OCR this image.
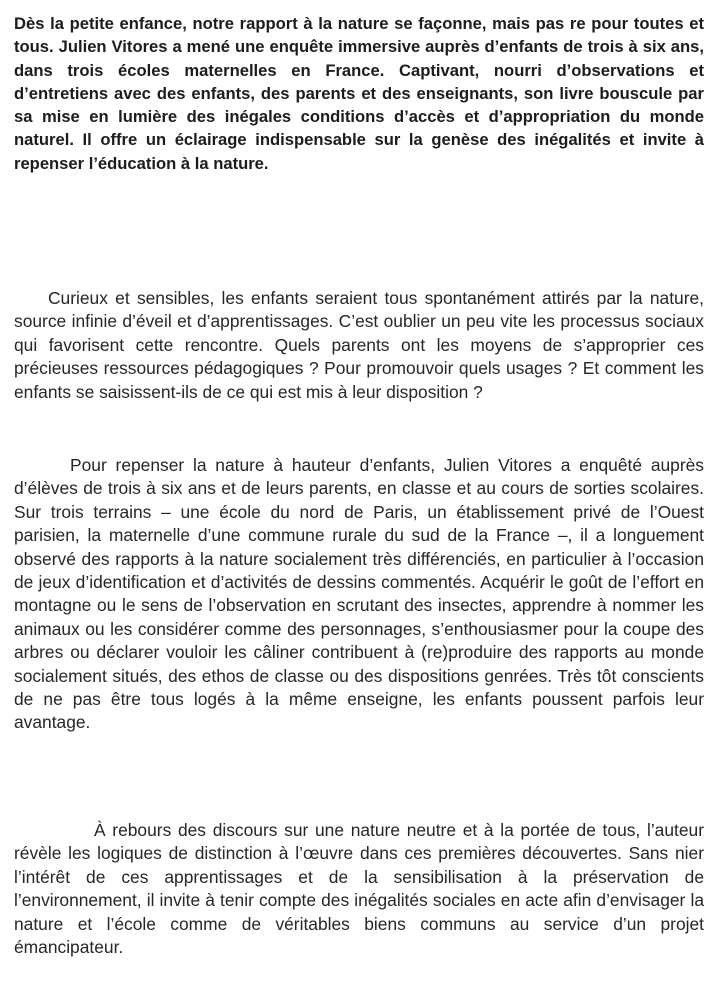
Dès la petite enfance, notre rapport à la nature se façonne, mais pas re pour toutes et tous. Julien Vitores a mené une enquête immersive auprès d’enfants de trois à six ans, dans trois écoles maternelles en France. Captivant, nourri d’observations et d’entretiens avec des enfants, des parents et des enseignants, son livre bouscule par sa mise en lumière des inégales conditions d’accès et d’appropriation du monde naturel. Il offre un éclairage indispensable sur la genèse des inégalités et invite à repenser l’éducation à la nature.

Curieux et sensibles, les enfants seraient tous spontanément attirés par la nature, source infinie d’éveil et d’apprentissages. C’est oublier un peu vite les processus sociaux qui favorisent cette rencontre. Quels parents ont les moyens de s’approprier ces précieuses ressources pédagogiques ? Pour promouvoir quels usages ? Et comment les enfants se saisissent-ils de ce qui est mis à leur disposition ?

Pour repenser la nature à hauteur d’enfants, Julien Vitores a enquêté auprès d’élèves de trois à six ans et de leurs parents, en classe et au cours de sorties scolaires. Sur trois terrains – une école du nord de Paris, un établissement privé de l’Ouest parisien, la maternelle d’une commune rurale du sud de la France –, il a longuement observé des rapports à la nature socialement très différenciés, en particulier à l’occasion de jeux d’identification et d’activités de dessins commentés. Acquérir le goût de l’effort en montagne ou le sens de l’observation en scrutant des insectes, apprendre à nommer les animaux ou les considérer comme des personnages, s’enthousiasmer pour la coupe des arbres ou déclarer vouloir les câliner contribuent à (re)produire des rapports au monde socialement situés, des ethos de classe ou des dispositions genrées. Très tôt conscients de ne pas être tous logés à la même enseigne, les enfants poussent parfois leur avantage.

À rebours des discours sur une nature neutre et à la portée de tous, l’auteur révèle les logiques de distinction à l’œuvre dans ces premières découvertes. Sans nier l’intérêt de ces apprentissages et de la sensibilisation à la préservation de l’environnement, il invite à tenir compte des inégalités sociales en acte afin d’envisager la nature et l’école comme de véritables biens communs au service d’un projet émancipateur.
